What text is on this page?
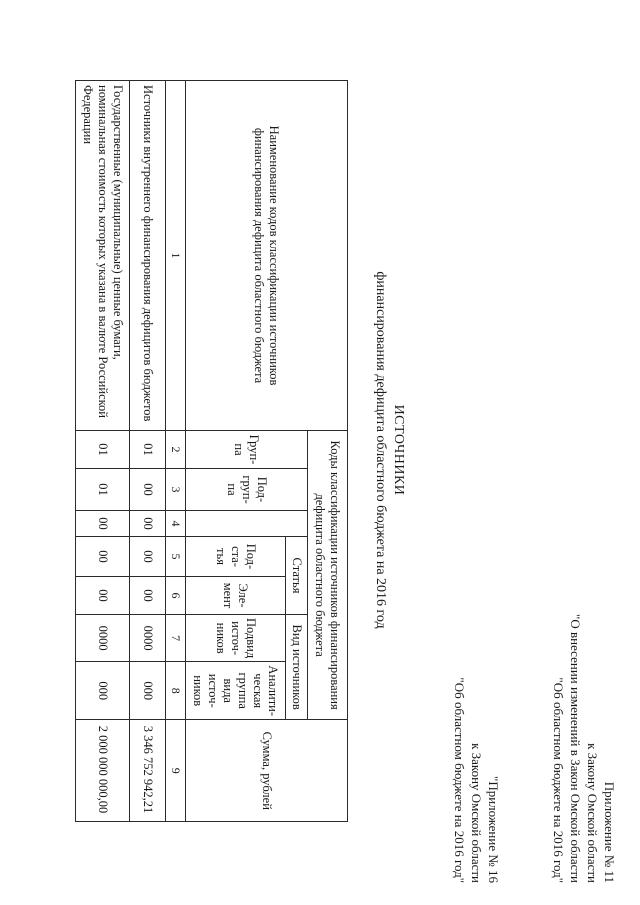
Приложение № 11
к Закону Омской области
"О внесении изменений в Закон Омской области
"Об областном бюджете на 2016 год"
"Приложение № 16
к Закону Омской области
"Об областном бюджете на 2016 год"
ИСТОЧНИКИ
финансирования дефицита областного бюджета на 2016 год
Наименование кодов классификации источников финансирования дефицита областного бюджета	Коды классификации источников финансирования дефицита областного бюджета							Сумма, рублей
	Груп-па	Под-груп-па		Статья		Вид источников		
				Под-ста-тья	Эле-мент	Подвид источ-ников	Аналити-ческая группа вида источ-ников	
1	2	3	4	5	6	7	8	9
Источники внутреннего финансирования дефицитов бюджетов	01	00	00	00	00	0000	000	3 346 752 942,21
Государственные (муниципальные) ценные бумаги, номинальная стоимость которых указана в валюте Российской Федерации	01	01	00	00	00	0000	000	2 000 000 000,00
